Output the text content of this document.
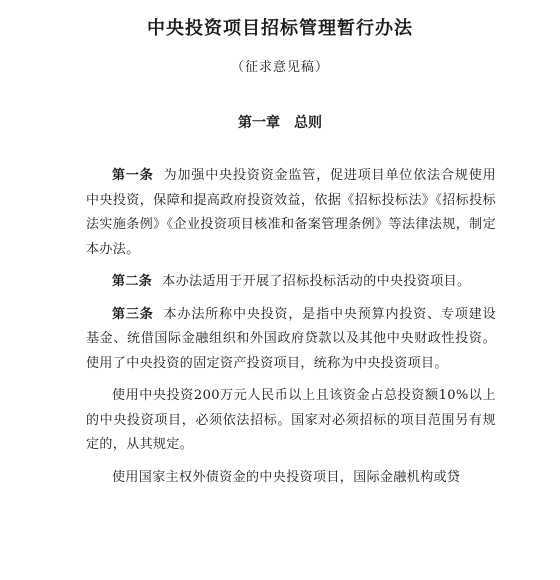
中央投资项目招标管理暂行办法
（征求意见稿）
第一章　总则

第一条 为加强中央投资资金监管，促进项目单位依法合规使用中央投资，保障和提高政府投资效益，依据《招标投标法》《招标投标法实施条例》《企业投资项目核准和备案管理条例》等法律法规，制定本办法。

第二条 本办法适用于开展了招标投标活动的中央投资项目。

第三条 本办法所称中央投资，是指中央预算内投资、专项建设基金、统借国际金融组织和外国政府贷款以及其他中央财政性投资。使用了中央投资的固定资产投资项目，统称为中央投资项目。

使用中央投资200万元人民币以上且该资金占总投资额10%以上的中央投资项目，必须依法招标。国家对必须招标的项目范围另有规定的，从其规定。

使用国家主权外债资金的中央投资项目，国际金融机构或贷
